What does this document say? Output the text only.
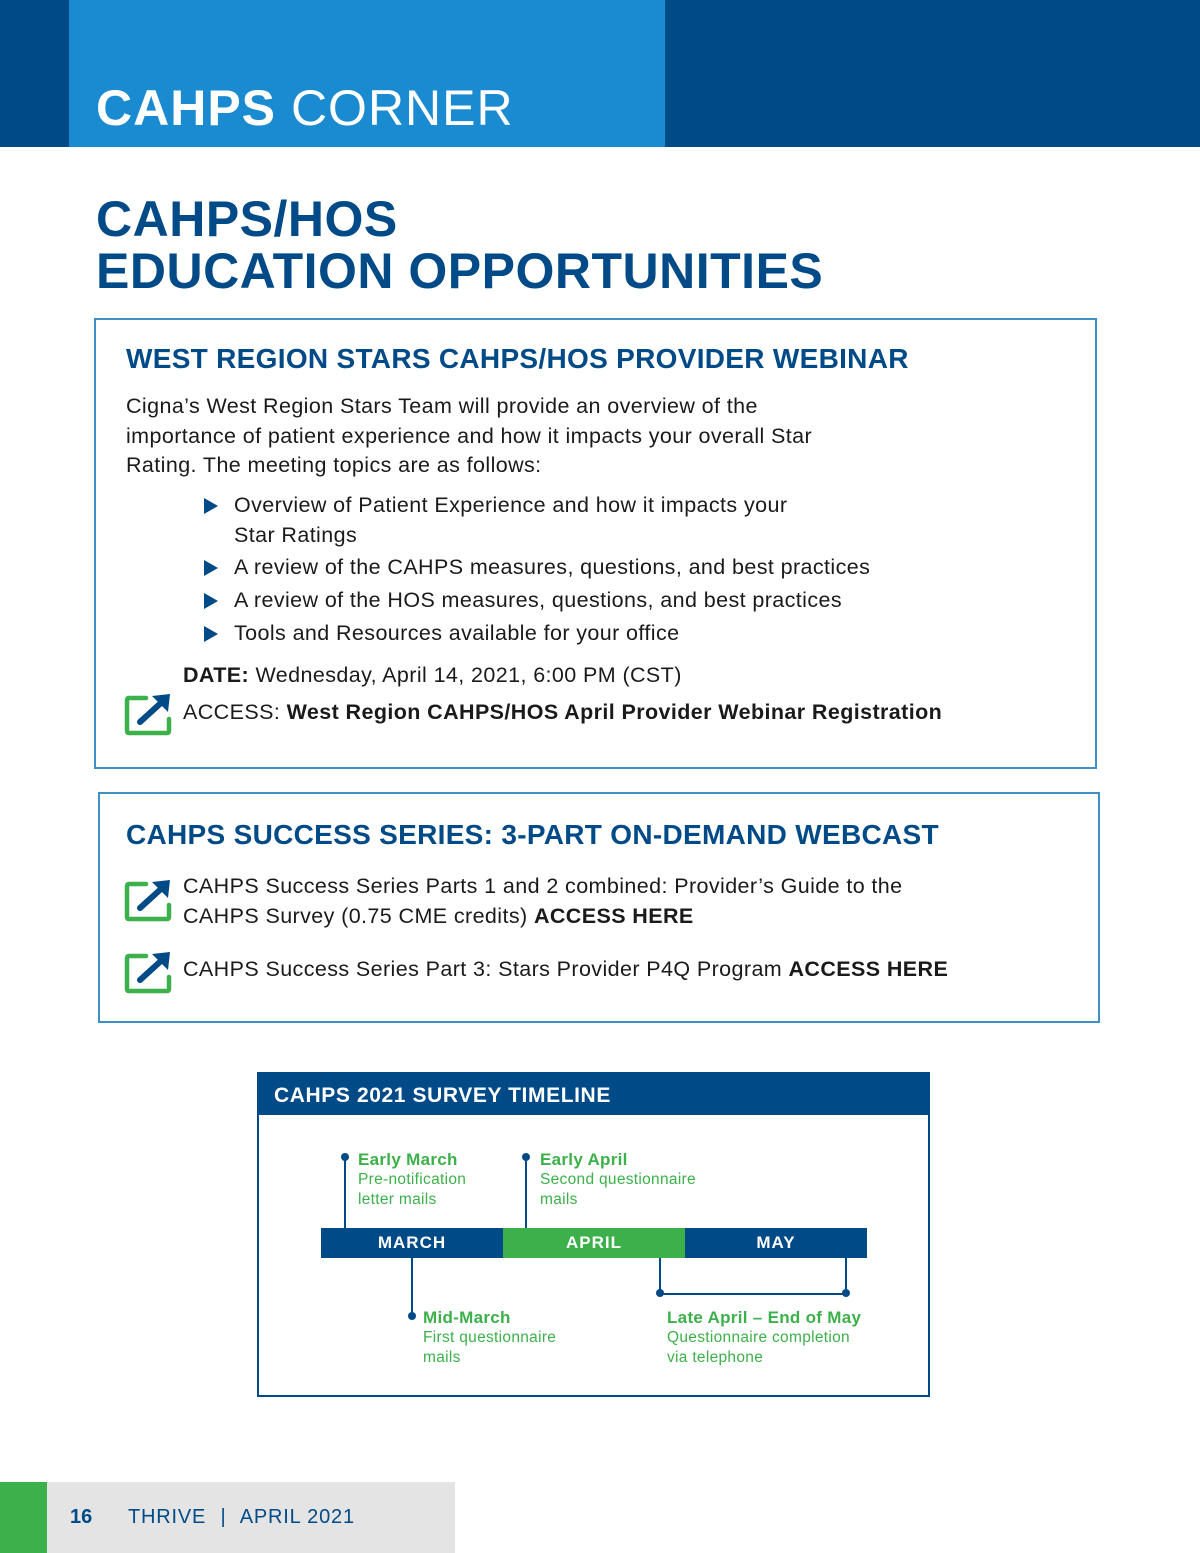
CAHPS CORNER
CAHPS/HOS
EDUCATION OPPORTUNITIES
WEST REGION STARS CAHPS/HOS PROVIDER WEBINAR
Cigna’s West Region Stars Team will provide an overview of the
importance of patient experience and how it impacts your overall Star
Rating. The meeting topics are as follows:
Overview of Patient Experience and how it impacts your
Star Ratings
A review of the CAHPS measures, questions, and best practices
A review of the HOS measures, questions, and best practices
Tools and Resources available for your office
DATE: Wednesday, April 14, 2021, 6:00 PM (CST)
ACCESS: West Region CAHPS/HOS April Provider Webinar Registration
CAHPS SUCCESS SERIES: 3-PART ON-DEMAND WEBCAST
CAHPS Success Series Parts 1 and 2 combined: Provider’s Guide to the
CAHPS Survey (0.75 CME credits) ACCESS HERE
CAHPS Success Series Part 3: Stars Provider P4Q Program ACCESS HERE
CAHPS 2021 SURVEY TIMELINE
Early March
Pre-notification
letter mails
Early April
Second questionnaire
mails
MARCH	APRIL	MAY
Mid-March
First questionnaire
mails
Late April – End of May
Questionnaire completion
via telephone
16 THRIVE | APRIL 2021
